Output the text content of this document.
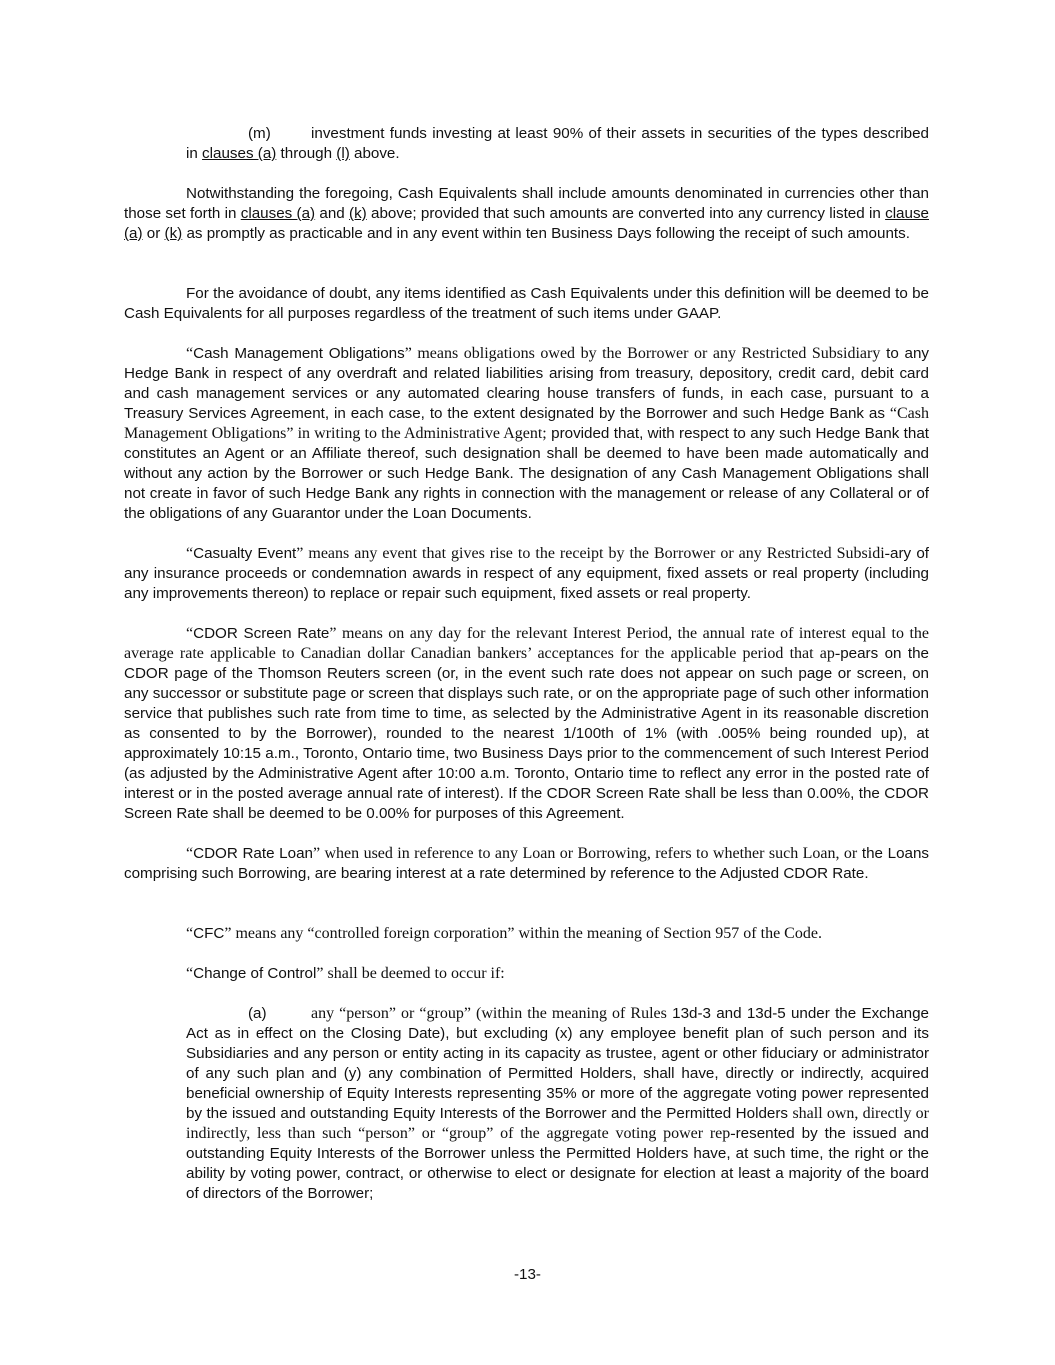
(m)	investment funds investing at least 90% of their assets in securities of the types described in clauses (a) through (l) above.

Notwithstanding the foregoing, Cash Equivalents shall include amounts denominated in currencies other than those set forth in clauses (a) and (k) above; provided that such amounts are converted into any currency listed in clause (a) or (k) as promptly as practicable and in any event within ten Business Days following the receipt of such amounts.

For the avoidance of doubt, any items identified as Cash Equivalents under this definition will be deemed to be Cash Equivalents for all purposes regardless of the treatment of such items under GAAP.

“Cash Management Obligations” means obligations owed by the Borrower or any Restricted Subsidiary to any Hedge Bank in respect of any overdraft and related liabilities arising from treasury, depository, credit card, debit card and cash management services or any automated clearing house transfers of funds, in each case, pursuant to a Treasury Services Agreement, in each case, to the extent designated by the Borrower and such Hedge Bank as “Cash Management Obligations” in writing to the Administrative Agent; provided that, with respect to any such Hedge Bank that constitutes an Agent or an Affiliate thereof, such designation shall be deemed to have been made automatically and without any action by the Borrower or such Hedge Bank. The designation of any Cash Management Obligations shall not create in favor of such Hedge Bank any rights in connection with the management or release of any Collateral or of the obligations of any Guarantor under the Loan Documents.

“Casualty Event” means any event that gives rise to the receipt by the Borrower or any Restricted Subsidi-ary of any insurance proceeds or condemnation awards in respect of any equipment, fixed assets or real property (including any improvements thereon) to replace or repair such equipment, fixed assets or real property.

“CDOR Screen Rate” means on any day for the relevant Interest Period, the annual rate of interest equal to the average rate applicable to Canadian dollar Canadian bankers’ acceptances for the applicable period that ap-pears on the CDOR page of the Thomson Reuters screen (or, in the event such rate does not appear on such page or screen, on any successor or substitute page or screen that displays such rate, or on the appropriate page of such other information service that publishes such rate from time to time, as selected by the Administrative Agent in its reasonable discretion as consented to by the Borrower), rounded to the nearest 1/100th of 1% (with .005% being rounded up), at approximately 10:15 a.m., Toronto, Ontario time, two Business Days prior to the commencement of such Interest Period (as adjusted by the Administrative Agent after 10:00 a.m. Toronto, Ontario time to reflect any error in the posted rate of interest or in the posted average annual rate of interest). If the CDOR Screen Rate shall be less than 0.00%, the CDOR Screen Rate shall be deemed to be 0.00% for purposes of this Agreement.

“CDOR Rate Loan” when used in reference to any Loan or Borrowing, refers to whether such Loan, or the Loans comprising such Borrowing, are bearing interest at a rate determined by reference to the Adjusted CDOR Rate.

“CFC” means any “controlled foreign corporation” within the meaning of Section 957 of the Code.

“Change of Control” shall be deemed to occur if:

(a)	any “person” or “group” (within the meaning of Rules 13d-3 and 13d-5 under the Exchange Act as in effect on the Closing Date), but excluding (x) any employee benefit plan of such person and its Subsidiaries and any person or entity acting in its capacity as trustee, agent or other fiduciary or administrator of any such plan and (y) any combination of Permitted Holders, shall have, directly or indirectly, acquired beneficial ownership of Equity Interests representing 35% or more of the aggregate voting power represented by the issued and outstanding Equity Interests of the Borrower and the Permitted Holders shall own, directly or indirectly, less than such “person” or “group” of the aggregate voting power rep-resented by the issued and outstanding Equity Interests of the Borrower unless the Permitted Holders have, at such time, the right or the ability by voting power, contract, or otherwise to elect or designate for election at least a majority of the board of directors of the Borrower;

-13-
